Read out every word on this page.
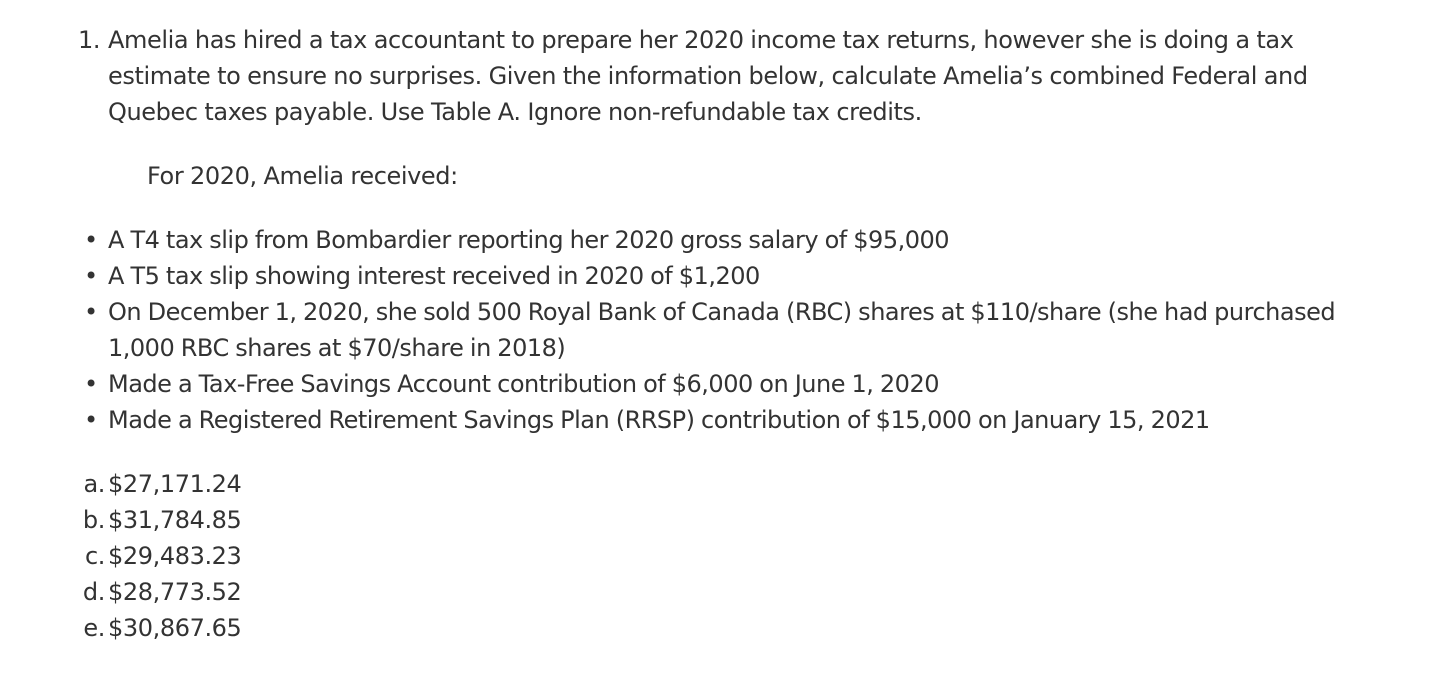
1. Amelia has hired a tax accountant to prepare her 2020 income tax returns, however she is doing a tax
estimate to ensure no surprises. Given the information below, calculate Amelia’s combined Federal and
Quebec taxes payable. Use Table A. Ignore non-refundable tax credits.
For 2020, Amelia received:
• A T4 tax slip from Bombardier reporting her 2020 gross salary of $95,000
• A T5 tax slip showing interest received in 2020 of $1,200
• On December 1, 2020, she sold 500 Royal Bank of Canada (RBC) shares at $110/share (she had purchased
1,000 RBC shares at $70/share in 2018)
• Made a Tax-Free Savings Account contribution of $6,000 on June 1, 2020
• Made a Registered Retirement Savings Plan (RRSP) contribution of $15,000 on January 15, 2021
a. $27,171.24
b. $31,784.85
c. $29,483.23
d. $28,773.52
e. $30,867.65
